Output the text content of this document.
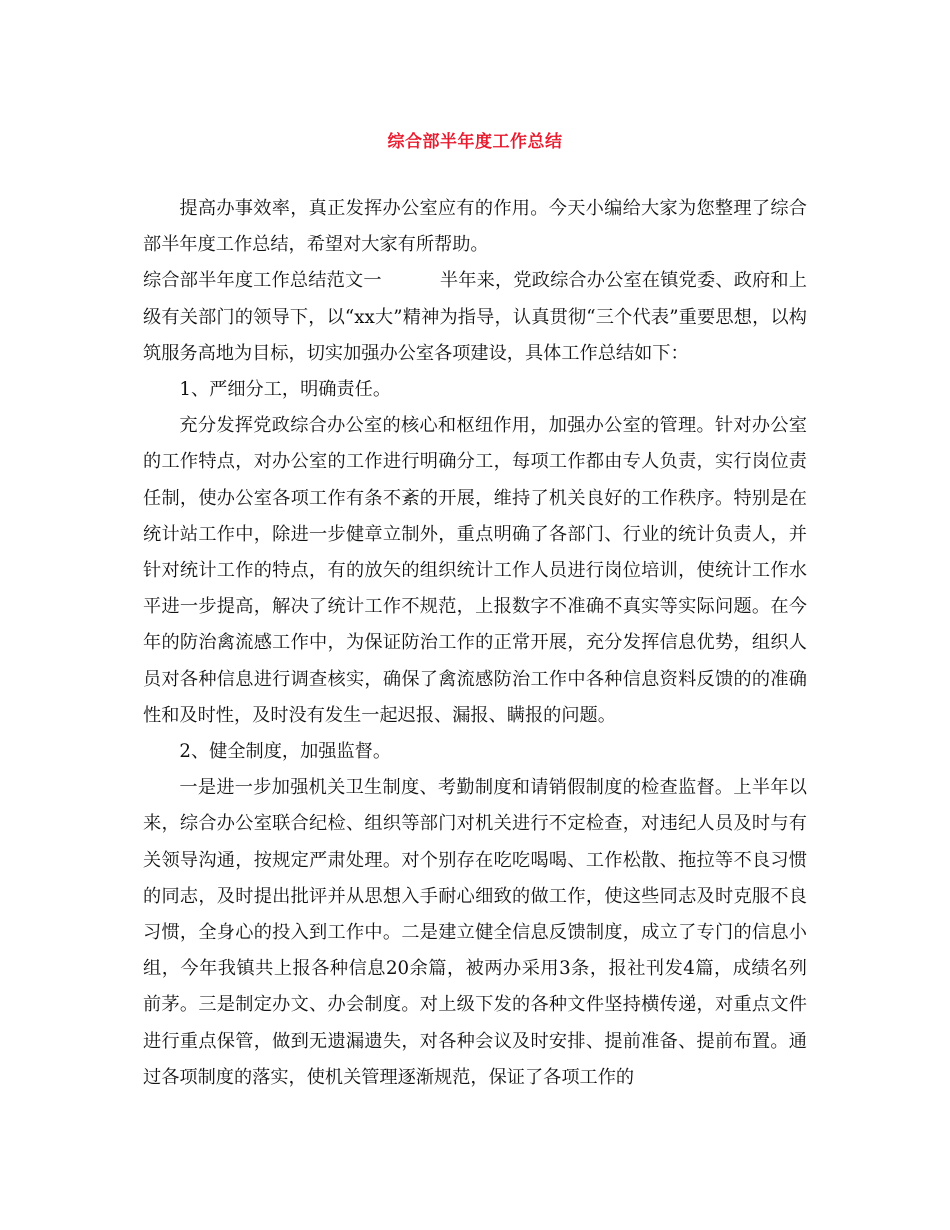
综合部半年度工作总结

提高办事效率，真正发挥办公室应有的作用。今天小编给大家为您整理了综合部半年度工作总结，希望对大家有所帮助。

综合部半年度工作总结范文一	半年来，党政综合办公室在镇党委、政府和上级有关部门的领导下，以“xx大”精神为指导，认真贯彻“三个代表”重要思想，以构筑服务高地为目标，切实加强办公室各项建设，具体工作总结如下：

1、严细分工，明确责任。

充分发挥党政综合办公室的核心和枢纽作用，加强办公室的管理。针对办公室的工作特点，对办公室的工作进行明确分工，每项工作都由专人负责，实行岗位责任制，使办公室各项工作有条不紊的开展，维持了机关良好的工作秩序。特别是在统计站工作中，除进一步健章立制外，重点明确了各部门、行业的统计负责人，并针对统计工作的特点，有的放矢的组织统计工作人员进行岗位培训，使统计工作水平进一步提高，解决了统计工作不规范，上报数字不准确不真实等实际问题。在今年的防治禽流感工作中，为保证防治工作的正常开展，充分发挥信息优势，组织人员对各种信息进行调查核实，确保了禽流感防治工作中各种信息资料反馈的的准确性和及时性，及时没有发生一起迟报、漏报、瞒报的问题。

2、健全制度，加强监督。

一是进一步加强机关卫生制度、考勤制度和请销假制度的检查监督。上半年以来，综合办公室联合纪检、组织等部门对机关进行不定检查，对违纪人员及时与有关领导沟通，按规定严肃处理。对个别存在吃吃喝喝、工作松散、拖拉等不良习惯的同志，及时提出批评并从思想入手耐心细致的做工作，使这些同志及时克服不良习惯，全身心的投入到工作中。二是建立健全信息反馈制度，成立了专门的信息小组，今年我镇共上报各种信息20余篇，被两办采用3条，报社刊发4篇，成绩名列前茅。三是制定办文、办会制度。对上级下发的各种文件坚持横传递，对重点文件进行重点保管，做到无遗漏遗失，对各种会议及时安排、提前准备、提前布置。通过各项制度的落实，使机关管理逐渐规范，保证了各项工作的
